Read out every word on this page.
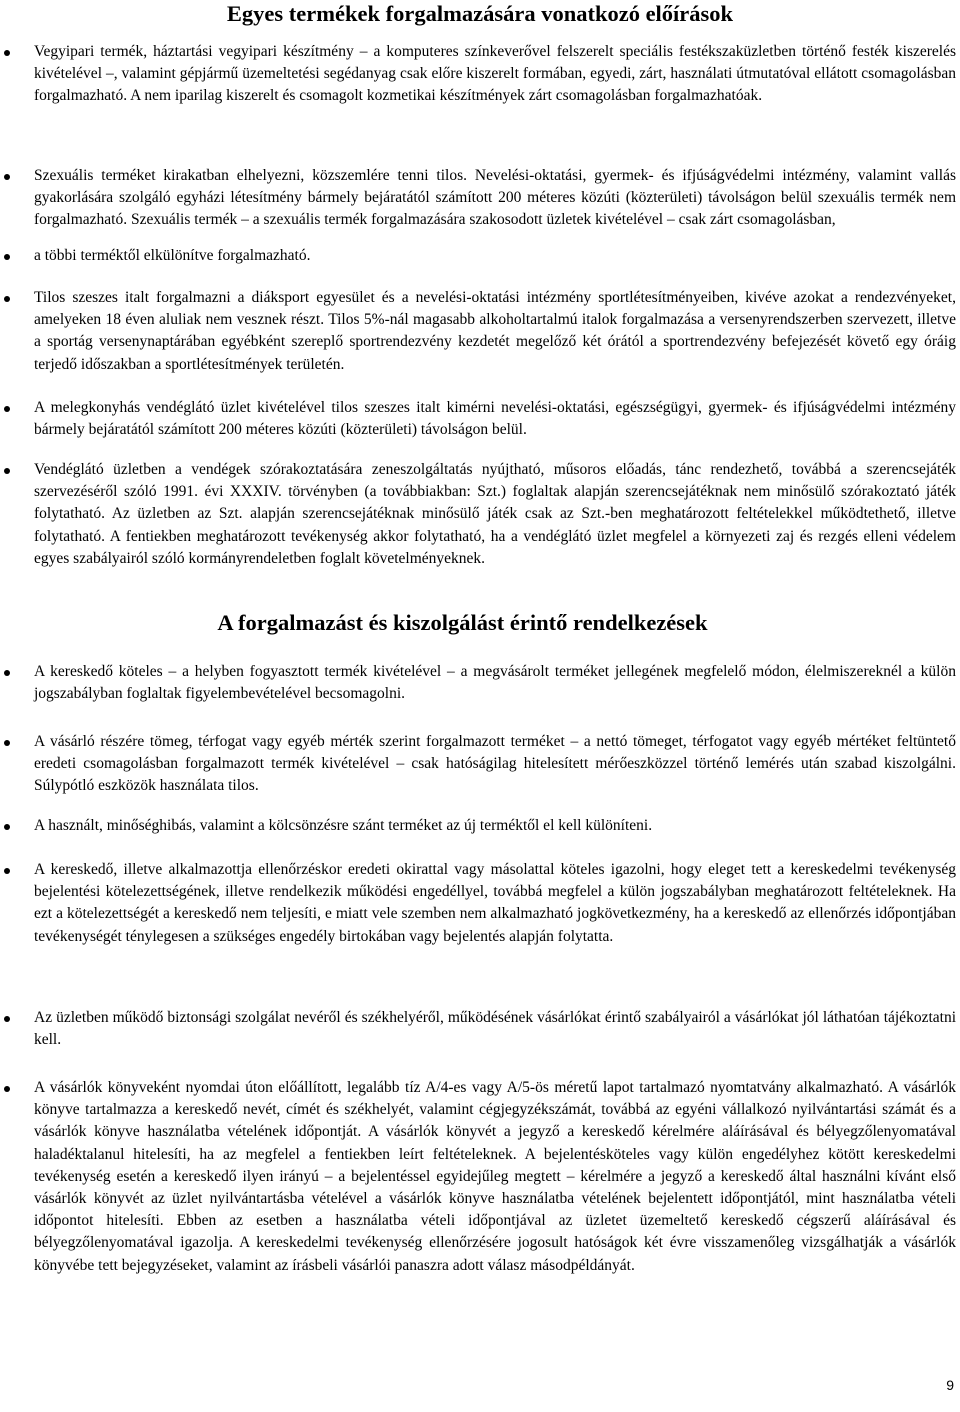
Egyes termékek forgalmazására vonatkozó előírások

Vegyipari termék, háztartási vegyipari készítmény – a komputeres színkeverővel felszerelt speciális festékszaküzletben történő festék kiszerelés kivételével –, valamint gépjármű üzemeltetési segédanyag csak előre kiszerelt formában, egyedi, zárt, használati útmutatóval ellátott csomagolásban forgalmazható. A nem iparilag kiszerelt és csomagolt kozmetikai készítmények zárt csomagolásban forgalmazhatóak.

Szexuális terméket kirakatban elhelyezni, közszemlére tenni tilos. Nevelési-oktatási, gyermek- és ifjúságvédelmi intézmény, valamint vallás gyakorlására szolgáló egyházi létesítmény bármely bejáratától számított 200 méteres közúti (közterületi) távolságon belül szexuális termék nem forgalmazható. Szexuális termék – a szexuális termék forgalmazására szakosodott üzletek kivételével – csak zárt csomagolásban,

a többi terméktől elkülönítve forgalmazható.

Tilos szeszes italt forgalmazni a diáksport egyesület és a nevelési-oktatási intézmény sportlétesítményeiben, kivéve azokat a rendezvényeket, amelyeken 18 éven aluliak nem vesznek részt. Tilos 5%-nál magasabb alkoholtartalmú italok forgalmazása a versenyrendszerben szervezett, illetve a sportág versenynaptárában egyébként szereplő sportrendezvény kezdetét megelőző két órától a sportrendezvény befejezését követő egy óráig terjedő időszakban a sportlétesítmények területén.

A melegkonyhás vendéglátó üzlet kivételével tilos szeszes italt kimérni nevelési-oktatási, egészségügyi, gyermek- és ifjúságvédelmi intézmény bármely bejáratától számított 200 méteres közúti (közterületi) távolságon belül.

Vendéglátó üzletben a vendégek szórakoztatására zeneszolgáltatás nyújtható, műsoros előadás, tánc rendezhető, továbbá a szerencsejáték szervezéséről szóló 1991. évi XXXIV. törvényben (a továbbiakban: Szt.) foglaltak alapján szerencsejátéknak nem minősülő szórakoztató játék folytatható. Az üzletben az Szt. alapján szerencsejátéknak minősülő játék csak az Szt.-ben meghatározott feltételekkel működtethető, illetve folytatható. A fentiekben meghatározott tevékenység akkor folytatható, ha a vendéglátó üzlet megfelel a környezeti zaj és rezgés elleni védelem egyes szabályairól szóló kormányrendeletben foglalt követelményeknek.

A forgalmazást és kiszolgálást érintő rendelkezések

A kereskedő köteles – a helyben fogyasztott termék kivételével – a megvásárolt terméket jellegének megfelelő módon, élelmiszereknél a külön jogszabályban foglaltak figyelembevételével becsomagolni.

A vásárló részére tömeg, térfogat vagy egyéb mérték szerint forgalmazott terméket – a nettó tömeget, térfogatot vagy egyéb mértéket feltüntető eredeti csomagolásban forgalmazott termék kivételével – csak hatóságilag hitelesített mérőeszközzel történő lemérés után szabad kiszolgálni. Súlypótló eszközök használata tilos.

A használt, minőséghibás, valamint a kölcsönzésre szánt terméket az új terméktől el kell különíteni.

A kereskedő, illetve alkalmazottja ellenőrzéskor eredeti okirattal vagy másolattal köteles igazolni, hogy eleget tett a kereskedelmi tevékenység bejelentési kötelezettségének, illetve rendelkezik működési engedéllyel, továbbá megfelel a külön jogszabályban meghatározott feltételeknek. Ha ezt a kötelezettségét a kereskedő nem teljesíti, e miatt vele szemben nem alkalmazható jogkövetkezmény, ha a kereskedő az ellenőrzés időpontjában tevékenységét ténylegesen a szükséges engedély birtokában vagy bejelentés alapján folytatta.

Az üzletben működő biztonsági szolgálat nevéről és székhelyéről, működésének vásárlókat érintő szabályairól a vásárlókat jól láthatóan tájékoztatni kell.

A vásárlók könyveként nyomdai úton előállított, legalább tíz A/4-es vagy A/5-ös méretű lapot tartalmazó nyomtatvány alkalmazható. A vásárlók könyve tartalmazza a kereskedő nevét, címét és székhelyét, valamint cégjegyzékszámát, továbbá az egyéni vállalkozó nyilvántartási számát és a vásárlók könyve használatba vételének időpontját. A vásárlók könyvét a jegyző a kereskedő kérelmére aláírásával és bélyegzőlenyomatával haladéktalanul hitelesíti, ha az megfelel a fentiekben leírt feltételeknek. A bejelentésköteles vagy külön engedélyhez kötött kereskedelmi tevékenység esetén a kereskedő ilyen irányú – a bejelentéssel egyidejűleg megtett – kérelmére a jegyző a kereskedő által használni kívánt első vásárlók könyvét az üzlet nyilvántartásba vételével a vásárlók könyve használatba vételének bejelentett időpontjától, mint használatba vételi időpontot hitelesíti. Ebben az esetben a használatba vételi időpontjával az üzletet üzemeltető kereskedő cégszerű aláírásával és bélyegzőlenyomatával igazolja. A kereskedelmi tevékenység ellenőrzésére jogosult hatóságok két évre visszamenőleg vizsgálhatják a vásárlók könyvébe tett bejegyzéseket, valamint az írásbeli vásárlói panaszra adott válasz másodpéldányát.

9
